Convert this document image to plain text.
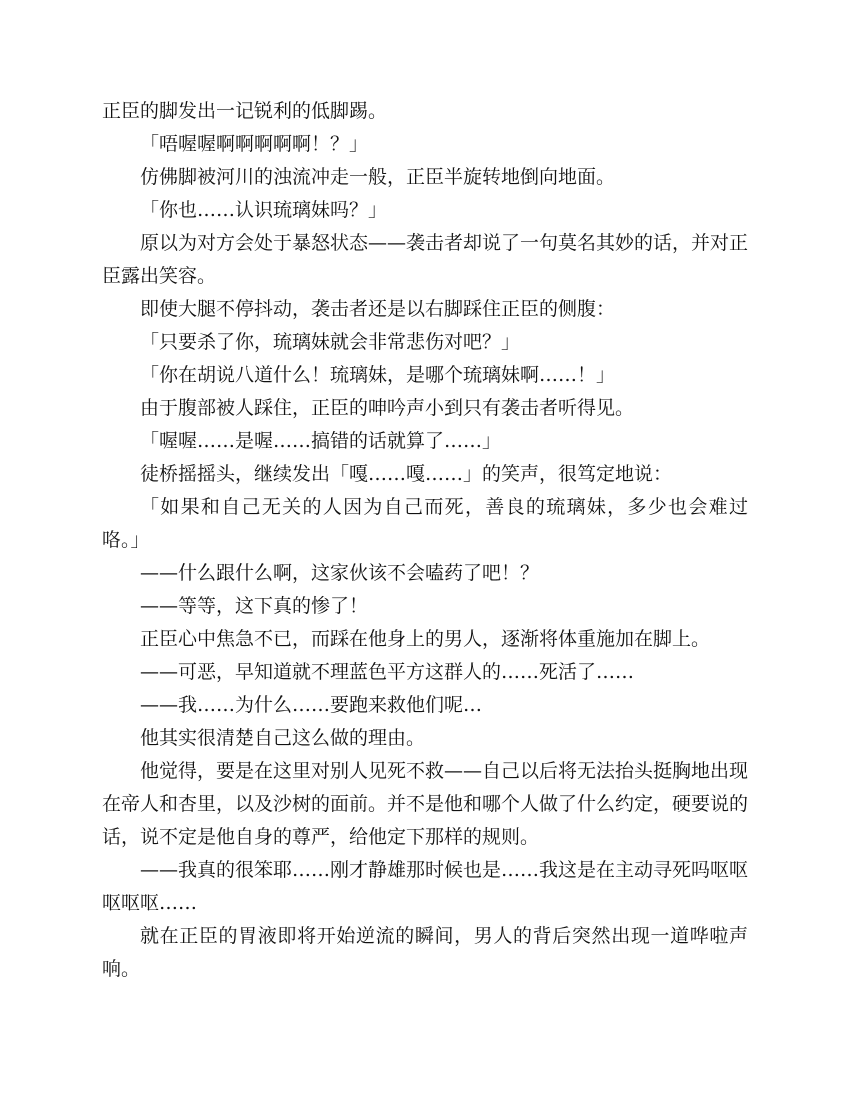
正臣的脚发出一记锐利的低脚踢。

「唔喔喔啊啊啊啊啊！？」

仿佛脚被河川的浊流冲走一般，正臣半旋转地倒向地面。

「你也……认识琉璃妹吗？」

原以为对方会处于暴怒状态——袭击者却说了一句莫名其妙的话，并对正臣露出笑容。

即使大腿不停抖动，袭击者还是以右脚踩住正臣的侧腹：

「只要杀了你，琉璃妹就会非常悲伤对吧？」

「你在胡说八道什么！琉璃妹，是哪个琉璃妹啊……！」

由于腹部被人踩住，正臣的呻吟声小到只有袭击者听得见。

「喔喔……是喔……搞错的话就算了……」

徒桥摇摇头，继续发出「嘎……嘎……」的笑声，很笃定地说：

「如果和自己无关的人因为自己而死，善良的琉璃妹，多少也会难过咯。」

——什么跟什么啊，这家伙该不会嗑药了吧！？

——等等，这下真的惨了！

正臣心中焦急不已，而踩在他身上的男人，逐渐将体重施加在脚上。

——可恶，早知道就不理蓝色平方这群人的……死活了……

——我……为什么……要跑来救他们呢…

他其实很清楚自己这么做的理由。

他觉得，要是在这里对别人见死不救——自己以后将无法抬头挺胸地出现在帝人和杏里，以及沙树的面前。并不是他和哪个人做了什么约定，硬要说的话，说不定是他自身的尊严，给他定下那样的规则。

——我真的很笨耶……刚才静雄那时候也是……我这是在主动寻死吗呕呕呕呕呕……

就在正臣的胃液即将开始逆流的瞬间，男人的背后突然出现一道哗啦声响。
